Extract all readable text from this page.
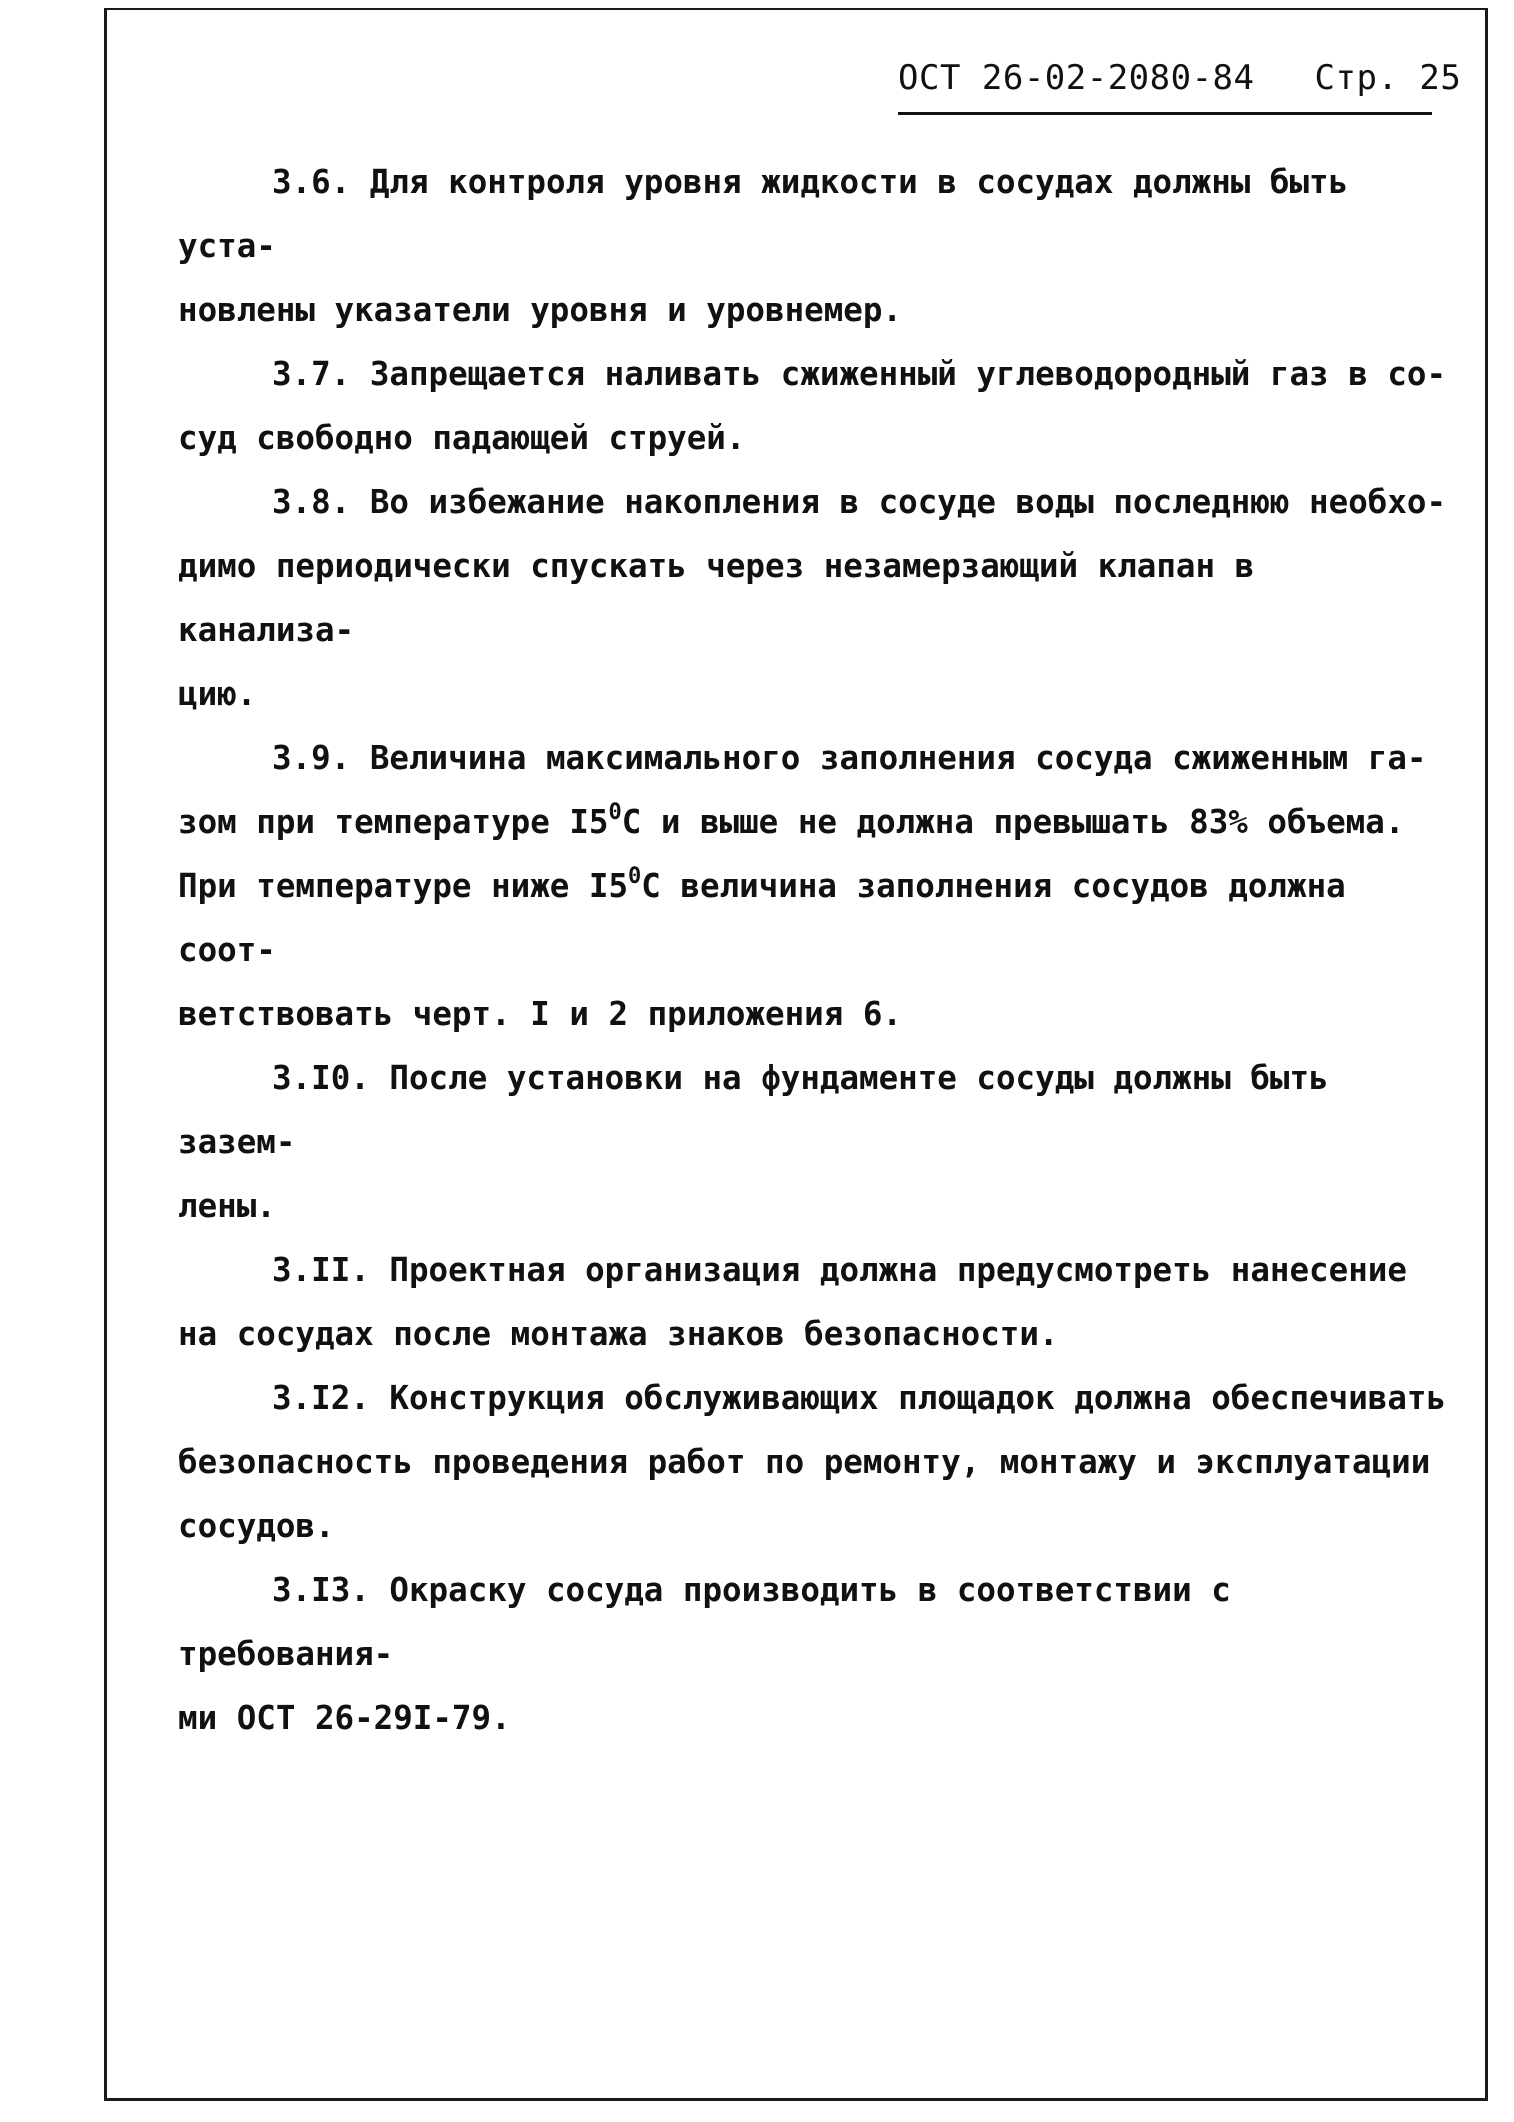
ОСТ 26-02-2080-84 Стр. 25

3.6. Для контроля уровня жидкости в сосудах должны быть уста-
новлены указатели уровня и уровнемер.

3.7. Запрещается наливать сжиженный углеводородный газ в со-
суд свободно падающей струей.

3.8. Во избежание накопления в сосуде воды последнюю необхо-
димо периодически спускать через незамерзающий клапан в канализа-
цию.

3.9. Величина максимального заполнения сосуда сжиженным га-
зом при температуре $I5^0С$ и выше не должна превышать 83% объема.
При температуре ниже $I5^0С$ величина заполнения сосудов должна соот-
ветствовать черт. I и 2 приложения 6.

3.I0. После установки на фундаменте сосуды должны быть зазем-
лены.

3.II. Проектная организация должна предусмотреть нанесение
на сосудах после монтажа знаков безопасности.

3.I2. Конструкция обслуживающих площадок должна обеспечивать
безопасность проведения работ по ремонту, монтажу и эксплуатации
сосудов.

3.I3. Окраску сосуда производить в соответствии с требования-
ми ОСТ 26-29I-79.
